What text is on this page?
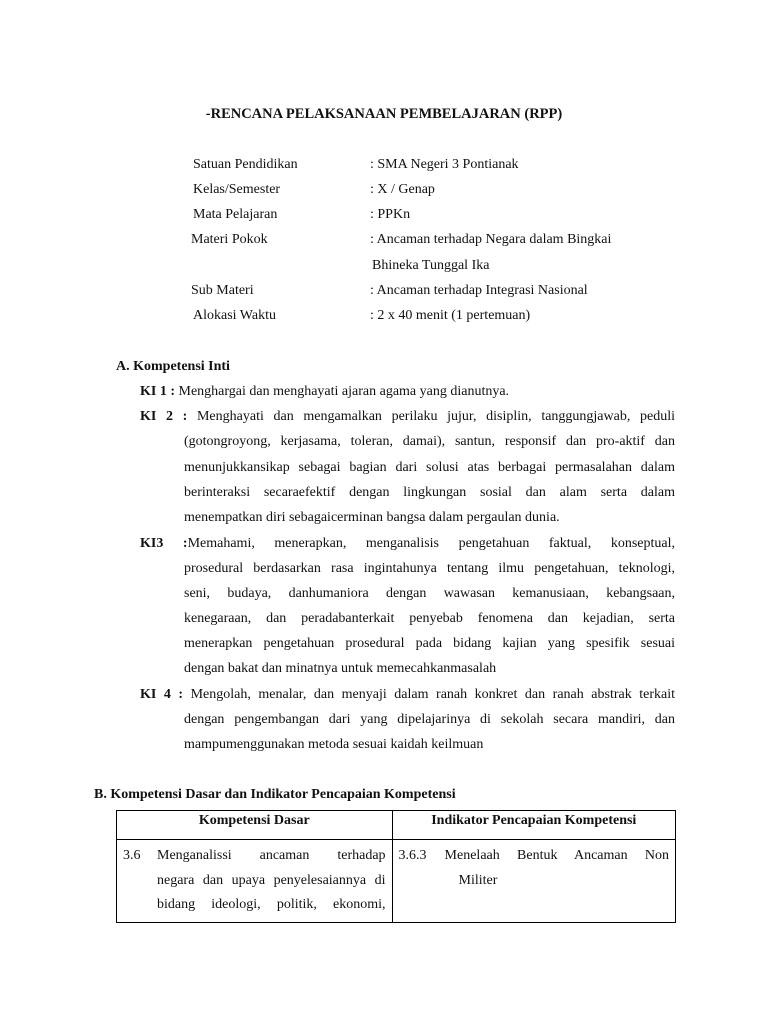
-RENCANA PELAKSANAAN PEMBELAJARAN (RPP)
Satuan Pendidikan	: SMA Negeri 3 Pontianak
Kelas/Semester	: X / Genap
Mata Pelajaran	: PPKn
Materi Pokok	: Ancaman terhadap Negara dalam Bingkai
Bhineka Tunggal Ika
Sub Materi	: Ancaman terhadap Integrasi Nasional
Alokasi Waktu	: 2 x 40 menit (1 pertemuan)
A. Kompetensi Inti
KI 1 : Menghargai dan menghayati ajaran agama yang dianutnya.
KI 2 : Menghayati dan mengamalkan perilaku jujur, disiplin, tanggungjawab, peduli
(gotongroyong, kerjasama, toleran, damai), santun, responsif dan pro-aktif dan
menunjukkansikap sebagai bagian dari solusi atas berbagai permasalahan dalam
berinteraksi secaraefektif dengan lingkungan sosial dan alam serta dalam
menempatkan diri sebagaicerminan bangsa dalam pergaulan dunia.
KI3 :Memahami, menerapkan, menganalisis pengetahuan faktual, konseptual,
prosedural berdasarkan rasa ingintahunya tentang ilmu pengetahuan, teknologi,
seni, budaya, danhumaniora dengan wawasan kemanusiaan, kebangsaan,
kenegaraan, dan peradabanterkait penyebab fenomena dan kejadian, serta
menerapkan pengetahuan prosedural pada bidang kajian yang spesifik sesuai
dengan bakat dan minatnya untuk memecahkanmasalah
KI 4 : Mengolah, menalar, dan menyaji dalam ranah konkret dan ranah abstrak terkait
dengan pengembangan dari yang dipelajarinya di sekolah secara mandiri, dan
mampumenggunakan metoda sesuai kaidah keilmuan
B. Kompetensi Dasar dan Indikator Pencapaian Kompetensi
Kompetensi Dasar	Indikator Pencapaian Kompetensi

3.6 Menganalissi ancaman terhadap
negara dan upaya penyelesaiannya di
bidang ideologi, politik, ekonomi,	3.6.3 Menelaah Bentuk Ancaman Non
Militer
